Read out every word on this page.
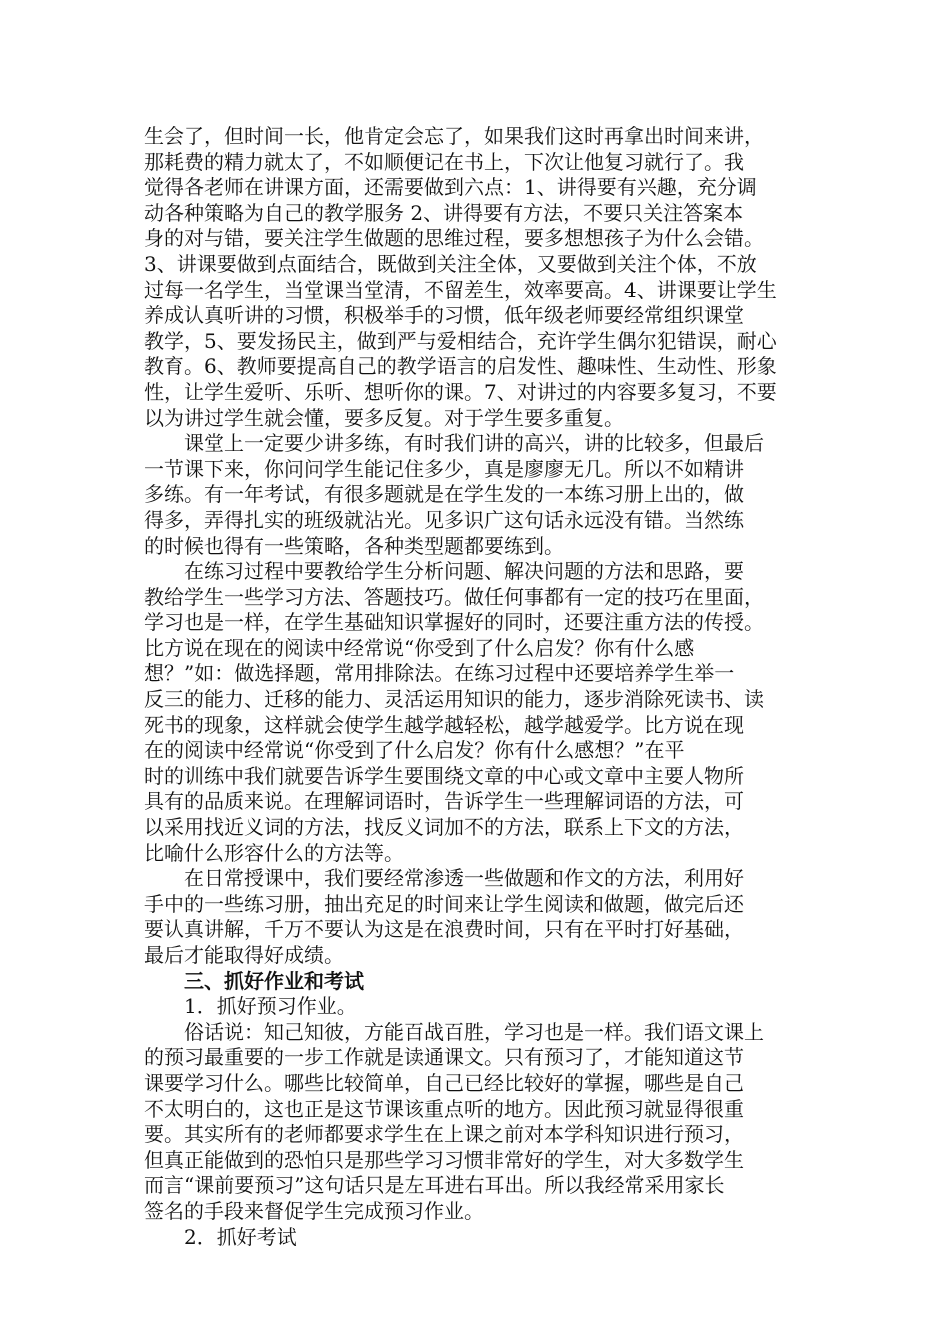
生会了，但时间一长，他肯定会忘了，如果我们这时再拿出时间来讲，
那耗费的精力就太了，不如顺便记在书上，下次让他复习就行了。我
觉得各老师在讲课方面，还需要做到六点：1、讲得要有兴趣，充分调
动各种策略为自己的教学服务 2、讲得要有方法，不要只关注答案本
身的对与错，要关注学生做题的思维过程，要多想想孩子为什么会错。
3、讲课要做到点面结合，既做到关注全体，又要做到关注个体，不放
过每一名学生，当堂课当堂清，不留差生，效率要高。4、讲课要让学生
养成认真听讲的习惯，积极举手的习惯，低年级老师要经常组织课堂
教学，5、要发扬民主，做到严与爱相结合，充许学生偶尔犯错误，耐心
教育。6、教师要提高自己的教学语言的启发性、趣味性、生动性、形象
性，让学生爱听、乐听、想听你的课。7、对讲过的内容要多复习，不要
以为讲过学生就会懂，要多反复。对于学生要多重复。
课堂上一定要少讲多练，有时我们讲的高兴，讲的比较多，但最后
一节课下来，你问问学生能记住多少，真是廖廖无几。所以不如精讲
多练。有一年考试，有很多题就是在学生发的一本练习册上出的，做
得多，弄得扎实的班级就沾光。见多识广这句话永远没有错。当然练
的时候也得有一些策略，各种类型题都要练到。
在练习过程中要教给学生分析问题、解决问题的方法和思路，要
教给学生一些学习方法、答题技巧。做任何事都有一定的技巧在里面，
学习也是一样，在学生基础知识掌握好的同时，还要注重方法的传授。
比方说在现在的阅读中经常说“你受到了什么启发？你有什么感
想？”如：做选择题，常用排除法。在练习过程中还要培养学生举一
反三的能力、迁移的能力、灵活运用知识的能力，逐步消除死读书、读
死书的现象，这样就会使学生越学越轻松，越学越爱学。比方说在现
在的阅读中经常说“你受到了什么启发？你有什么感想？”在平
时的训练中我们就要告诉学生要围绕文章的中心或文章中主要人物所
具有的品质来说。在理解词语时，告诉学生一些理解词语的方法，可
以采用找近义词的方法，找反义词加不的方法，联系上下文的方法，
比喻什么形容什么的方法等。
在日常授课中，我们要经常渗透一些做题和作文的方法，利用好
手中的一些练习册，抽出充足的时间来让学生阅读和做题，做完后还
要认真讲解，千万不要认为这是在浪费时间，只有在平时打好基础，
最后才能取得好成绩。
三、抓好作业和考试
1．抓好预习作业。
俗话说：知己知彼，方能百战百胜，学习也是一样。我们语文课上
的预习最重要的一步工作就是读通课文。只有预习了，才能知道这节
课要学习什么。哪些比较简单，自己已经比较好的掌握，哪些是自己
不太明白的，这也正是这节课该重点听的地方。因此预习就显得很重
要。其实所有的老师都要求学生在上课之前对本学科知识进行预习，
但真正能做到的恐怕只是那些学习习惯非常好的学生，对大多数学生
而言“课前要预习”这句话只是左耳进右耳出。所以我经常采用家长
签名的手段来督促学生完成预习作业。
2．抓好考试
